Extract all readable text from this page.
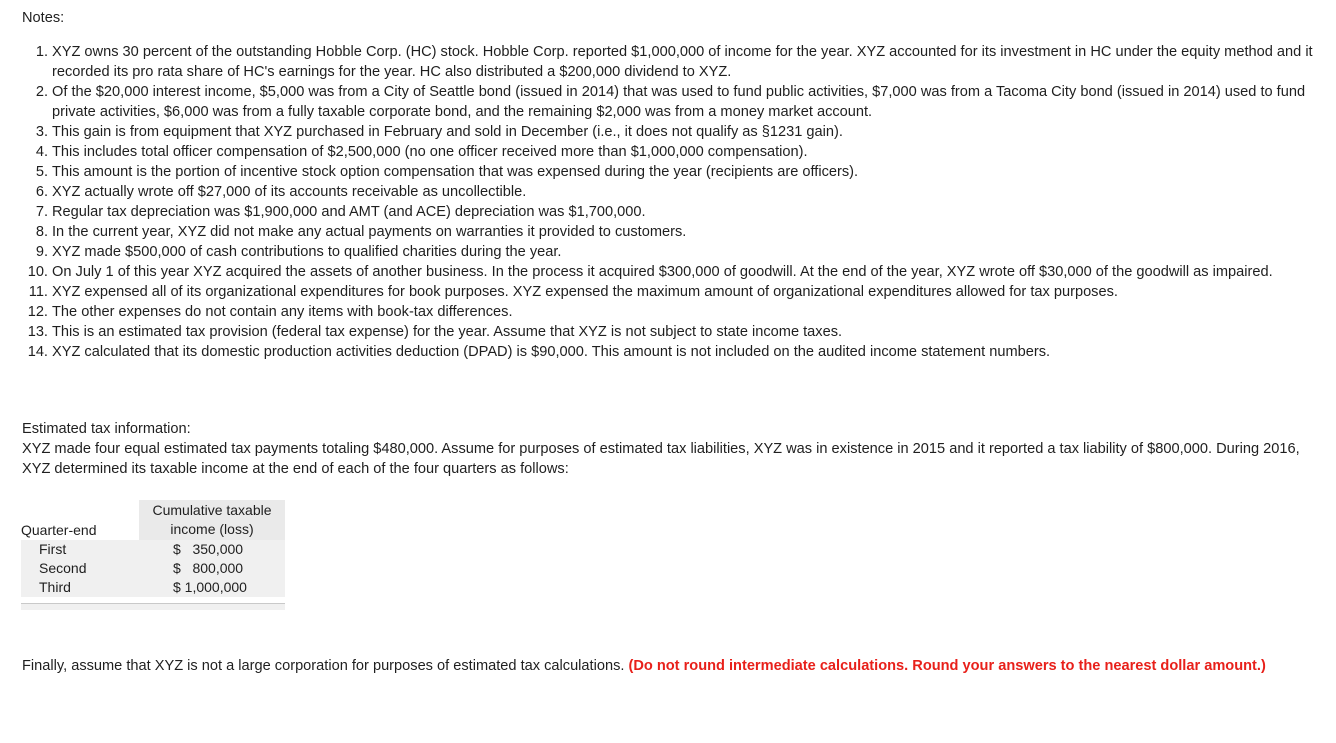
Notes:
1. XYZ owns 30 percent of the outstanding Hobble Corp. (HC) stock. Hobble Corp. reported $1,000,000 of income for the year. XYZ accounted for its investment in HC under the equity method and it recorded its pro rata share of HC's earnings for the year. HC also distributed a $200,000 dividend to XYZ.
2. Of the $20,000 interest income, $5,000 was from a City of Seattle bond (issued in 2014) that was used to fund public activities, $7,000 was from a Tacoma City bond (issued in 2014) used to fund private activities, $6,000 was from a fully taxable corporate bond, and the remaining $2,000 was from a money market account.
3. This gain is from equipment that XYZ purchased in February and sold in December (i.e., it does not qualify as §1231 gain).
4. This includes total officer compensation of $2,500,000 (no one officer received more than $1,000,000 compensation).
5. This amount is the portion of incentive stock option compensation that was expensed during the year (recipients are officers).
6. XYZ actually wrote off $27,000 of its accounts receivable as uncollectible.
7. Regular tax depreciation was $1,900,000 and AMT (and ACE) depreciation was $1,700,000.
8. In the current year, XYZ did not make any actual payments on warranties it provided to customers.
9. XYZ made $500,000 of cash contributions to qualified charities during the year.
10. On July 1 of this year XYZ acquired the assets of another business. In the process it acquired $300,000 of goodwill. At the end of the year, XYZ wrote off $30,000 of the goodwill as impaired.
11. XYZ expensed all of its organizational expenditures for book purposes. XYZ expensed the maximum amount of organizational expenditures allowed for tax purposes.
12. The other expenses do not contain any items with book-tax differences.
13. This is an estimated tax provision (federal tax expense) for the year. Assume that XYZ is not subject to state income taxes.
14. XYZ calculated that its domestic production activities deduction (DPAD) is $90,000. This amount is not included on the audited income statement numbers.
Estimated tax information:
XYZ made four equal estimated tax payments totaling $480,000. Assume for purposes of estimated tax liabilities, XYZ was in existence in 2015 and it reported a tax liability of $800,000. During 2016, XYZ determined its taxable income at the end of each of the four quarters as follows:
Quarter-end	Cumulative taxable
income (loss)

First	$   350,000
Second	$   800,000
Third	$ 1,000,000
Finally, assume that XYZ is not a large corporation for purposes of estimated tax calculations. (Do not round intermediate calculations. Round your answers to the nearest dollar amount.)
